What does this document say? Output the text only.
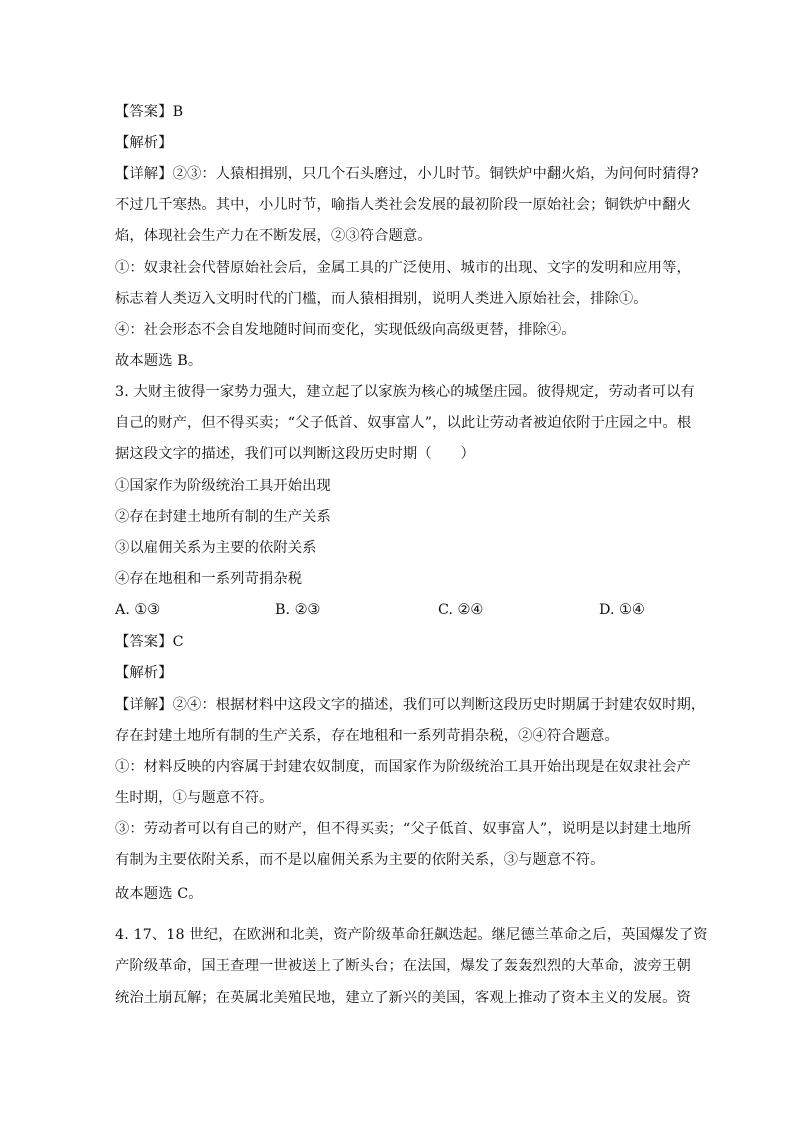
【答案】B
【解析】
【详解】②③：人猿相揖别，只几个石头磨过，小儿时节。铜铁炉中翻火焰，为问何时猜得?
不过几千寒热。其中，小儿时节，喻指人类社会发展的最初阶段一原始社会；铜铁炉中翻火
焰，体现社会生产力在不断发展，②③符合题意。
①：奴隶社会代替原始社会后，金属工具的广泛使用、城市的出现、文字的发明和应用等，
标志着人类迈入文明时代的门槛，而人猿相揖别，说明人类进入原始社会，排除①。
④：社会形态不会自发地随时间而变化，实现低级向高级更替，排除④。
故本题选 B。
3. 大财主彼得一家势力强大，建立起了以家族为核心的城堡庄园。彼得规定，劳动者可以有
自己的财产，但不得买卖；“父子低首、奴事富人”，以此让劳动者被迫依附于庄园之中。根
据这段文字的描述，我们可以判断这段历史时期（　　）
①国家作为阶级统治工具开始出现
②存在封建土地所有制的生产关系
③以雇佣关系为主要的依附关系
④存在地租和一系列苛捐杂税
A. ①③	B. ②③	C. ②④	D. ①④
【答案】C
【解析】
【详解】②④：根据材料中这段文字的描述，我们可以判断这段历史时期属于封建农奴时期，
存在封建土地所有制的生产关系，存在地租和一系列苛捐杂税，②④符合题意。
①：材料反映的内容属于封建农奴制度，而国家作为阶级统治工具开始出现是在奴隶社会产
生时期，①与题意不符。
③：劳动者可以有自己的财产，但不得买卖；“父子低首、奴事富人”，说明是以封建土地所
有制为主要依附关系，而不是以雇佣关系为主要的依附关系，③与题意不符。
故本题选 C。
4. 17、18 世纪，在欧洲和北美，资产阶级革命狂飙迭起。继尼德兰革命之后，英国爆发了资
产阶级革命，国王查理一世被送上了断头台；在法国，爆发了轰轰烈烈的大革命，波旁王朝
统治土崩瓦解；在英属北美殖民地，建立了新兴的美国，客观上推动了资本主义的发展。资
